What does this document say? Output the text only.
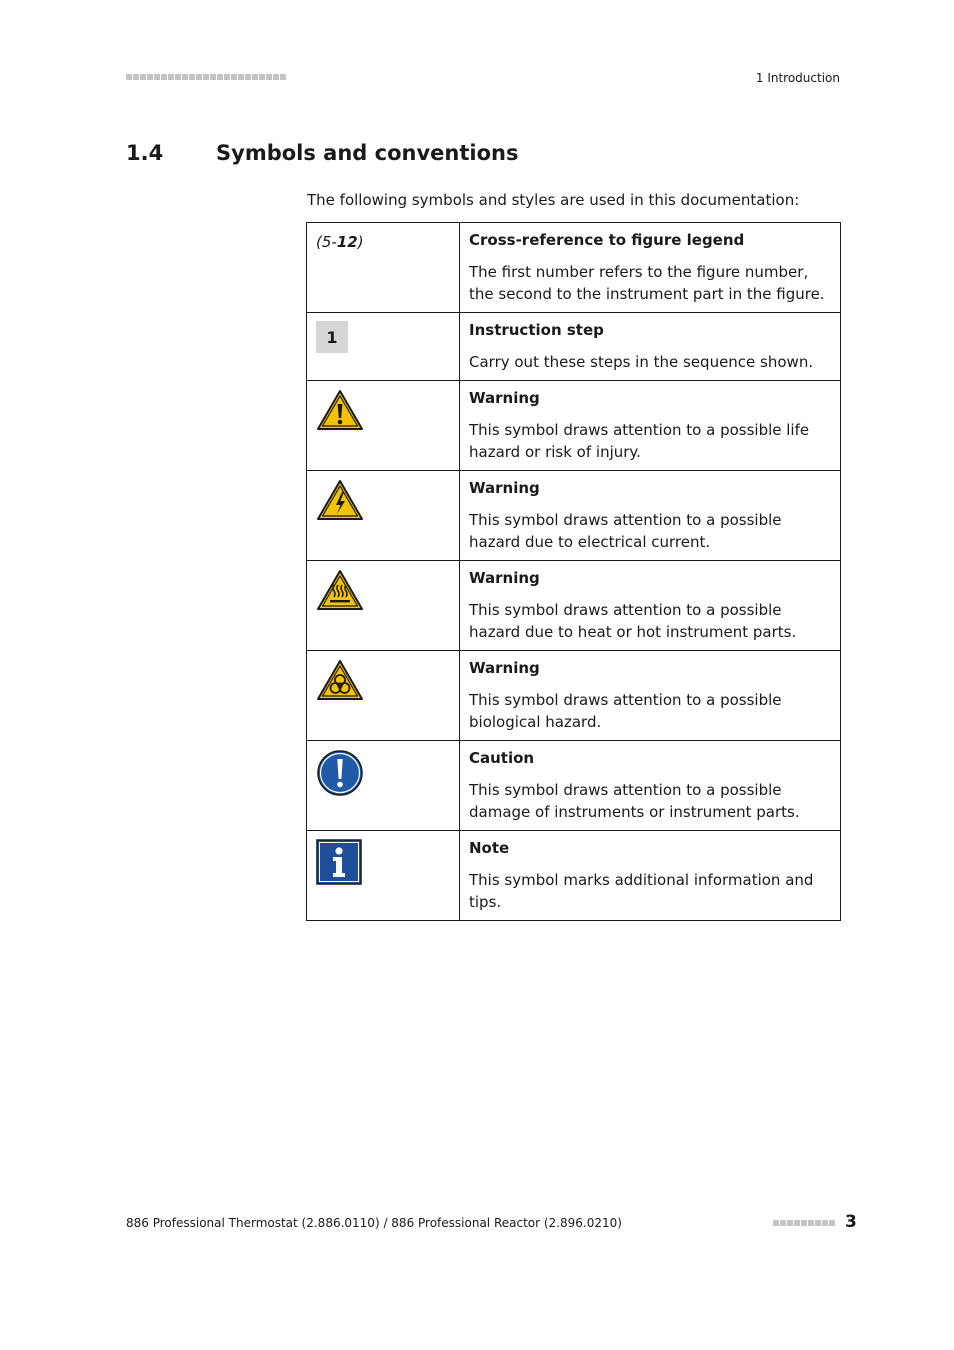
1 Introduction
1.4	Symbols and conventions
The following symbols and styles are used in this documentation:
(5-12)	Cross-reference to figure legend
The first number refers to the figure number, the second to the instrument part in the figure.

1	Instruction step
Carry out these steps in the sequence shown.

Warning
This symbol draws attention to a possible life hazard or risk of injury.

Warning
This symbol draws attention to a possible hazard due to electrical current.

Warning
This symbol draws attention to a possible hazard due to heat or hot instrument parts.

Warning
This symbol draws attention to a possible biological hazard.

Caution
This symbol draws attention to a possible damage of instruments or instrument parts.

Note
This symbol marks additional information and tips.
886 Professional Thermostat (2.886.0110) / 886 Professional Reactor (2.896.0210)	3
